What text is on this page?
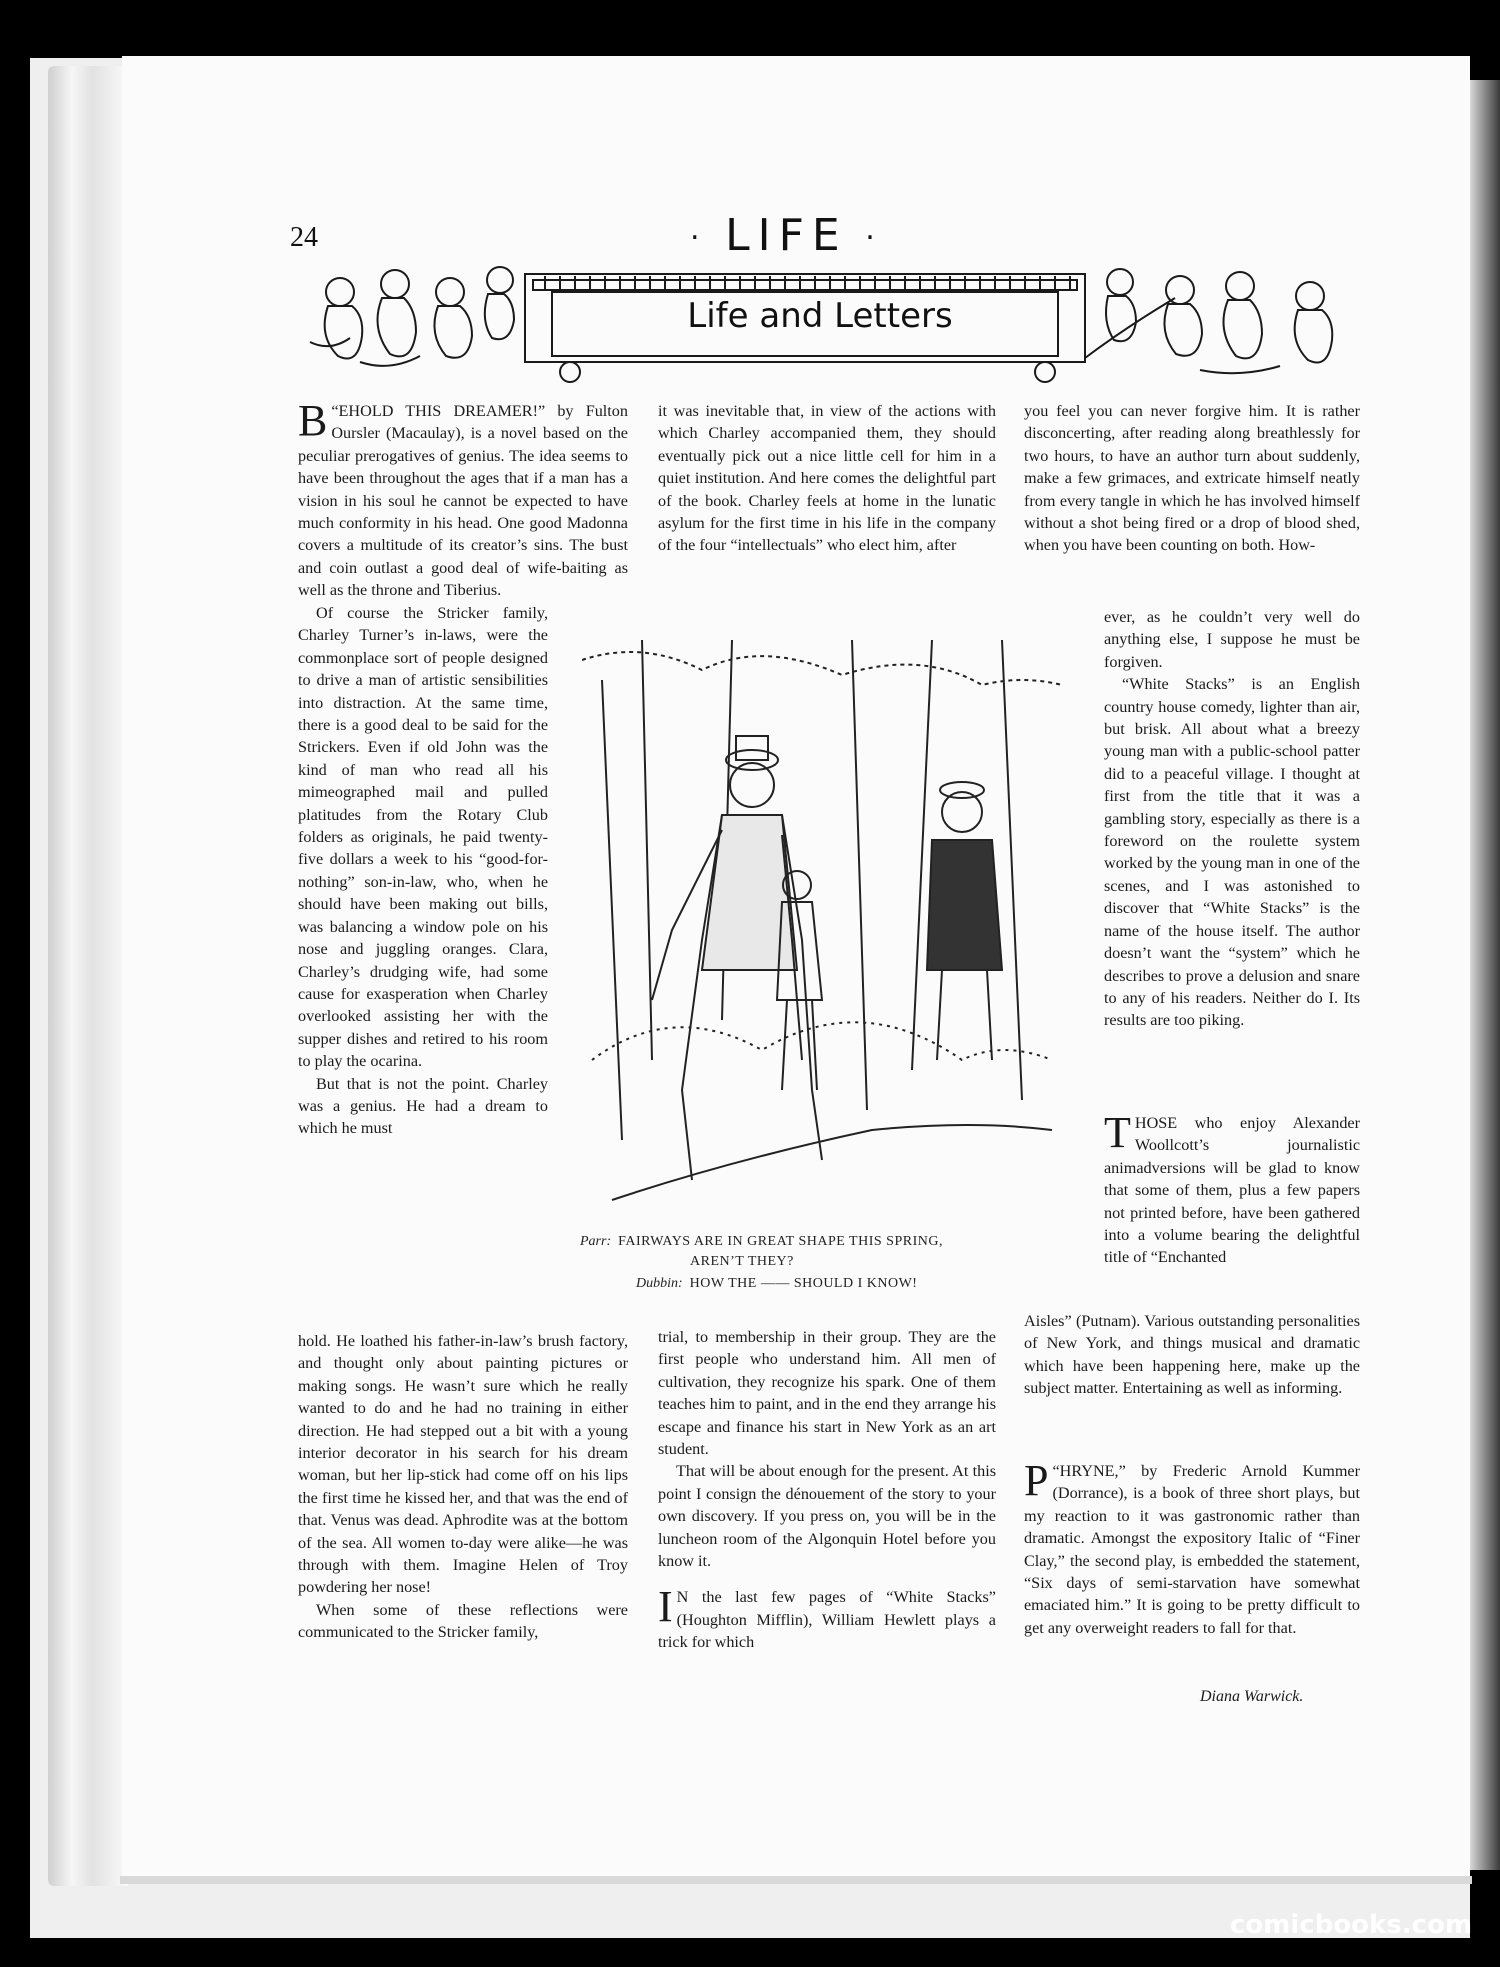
24	· LIFE ·
Life and Letters

“
B EHOLD THIS DREAMER!” by Fulton Oursler (Macaulay), is a novel based on the peculiar prerogatives of genius. The idea seems to have been throughout the ages that if a man has a vision in his soul he cannot be expected to have much conformity in his head. One good Madonna covers a multitude of its creator’s sins. The bust and coin outlast a good deal of wife-baiting as well as the throne and Tiberius.

Of course the Stricker family, Charley Turner’s in-laws, were the commonplace sort of people designed to drive a man of artistic sensibilities into distraction. At the same time, there is a good deal to be said for the Strickers. Even if old John was the kind of man who read all his mimeographed mail and pulled platitudes from the Rotary Club folders as originals, he paid twenty-five dollars a week to his “good-for-nothing” son-in-law, who, when he should have been making out bills, was balancing a window pole on his nose and juggling oranges. Clara, Charley’s drudging wife, had some cause for exasperation when Charley overlooked assisting her with the supper dishes and retired to his room to play the ocarina.

But that is not the point. Charley was a genius. He had a dream to which he must

hold. He loathed his father-in-law’s brush factory, and thought only about painting pictures or making songs. He wasn’t sure which he really wanted to do and he had no training in either direction. He had stepped out a bit with a young interior decorator in his search for his dream woman, but her lip-stick had come off on his lips the first time he kissed her, and that was the end of that. Venus was dead. Aphrodite was at the bottom of the sea. All women to-day were alike—he was through with them. Imagine Helen of Troy powdering her nose!

When some of these reflections were communicated to the Stricker family,

it was inevitable that, in view of the actions with which Charley accompanied them, they should eventually pick out a nice little cell for him in a quiet institution. And here comes the delightful part of the book. Charley feels at home in the lunatic asylum for the first time in his life in the company of the four “intellectuals” who elect him, after

Parr: FAIRWAYS ARE IN GREAT SHAPE THIS SPRING,
AREN’T THEY?
Dubbin: HOW THE —— SHOULD I KNOW!

trial, to membership in their group. They are the first people who understand him. All men of cultivation, they recognize his spark. One of them teaches him to paint, and in the end they arrange his escape and finance his start in New York as an art student.

That will be about enough for the present. At this point I consign the dénouement of the story to your own discovery. If you press on, you will be in the luncheon room of the Algonquin Hotel before you know it.

I N the last few pages of “White Stacks” (Houghton Mifflin), William Hewlett plays a trick for which

you feel you can never forgive him. It is rather disconcerting, after reading along breathlessly for two hours, to have an author turn about suddenly, make a few grimaces, and extricate himself neatly from every tangle in which he has involved himself without a shot being fired or a drop of blood shed, when you have been counting on both. How-

ever, as he couldn’t very well do anything else, I suppose he must be forgiven.

“White Stacks” is an English country house comedy, lighter than air, but brisk. All about what a breezy young man with a public-school patter did to a peaceful village. I thought at first from the title that it was a gambling story, especially as there is a foreword on the roulette system worked by the young man in one of the scenes, and I was astonished to discover that “White Stacks” is the name of the house itself. The author doesn’t want the “system” which he describes to prove a delusion and snare to any of his readers. Neither do I. Its results are too piking.

THOSE who enjoy Alexander Woollcott’s journalistic animadversions will be glad to know that some of them, plus a few papers not printed before, have been gathered into a volume bearing the delightful title of “Enchanted

Aisles” (Putnam). Various outstanding personalities of New York, and things musical and dramatic which have been happening here, make up the subject matter. Entertaining as well as informing.

“
P HRYNE,” by Frederic Arnold Kummer (Dorrance), is a book of three short plays, but my reaction to it was gastronomic rather than dramatic. Amongst the expository Italic of “Finer Clay,” the second play, is embedded the statement, “Six days of semi-starvation have somewhat emaciated him.” It is going to be pretty difficult to get any overweight readers to fall for that.

Diana Warwick.
comicbooks.com
